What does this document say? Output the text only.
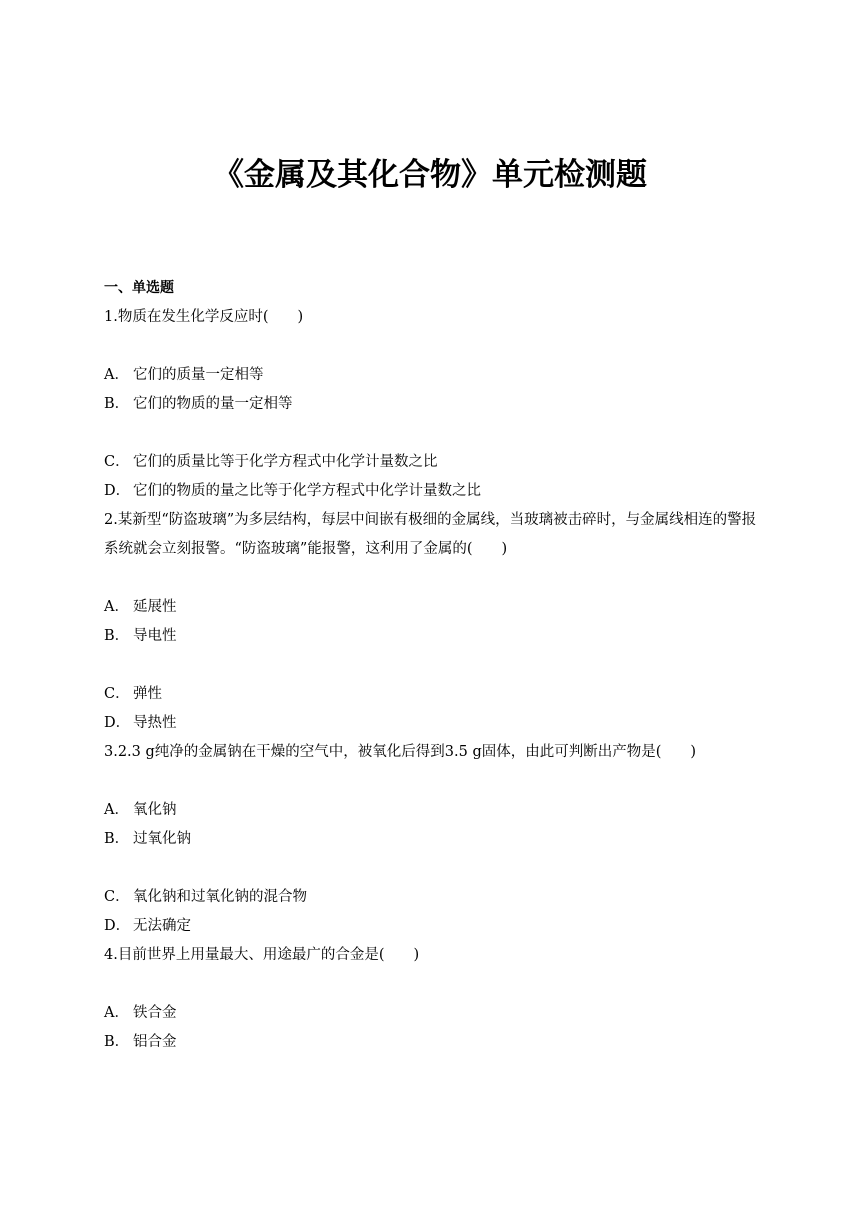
《金属及其化合物》单元检测题

一、单选题

1.物质在发生化学反应时(　　)

A． 它们的质量一定相等

B． 它们的物质的量一定相等

C． 它们的质量比等于化学方程式中化学计量数之比

D． 它们的物质的量之比等于化学方程式中化学计量数之比

2.某新型“防盗玻璃”为多层结构，每层中间嵌有极细的金属线，当玻璃被击碎时，与金属线相连的警报系统就会立刻报警。“防盗玻璃”能报警，这利用了金属的(　　)

A． 延展性

B． 导电性

C． 弹性

D． 导热性

3.2.3 g纯净的金属钠在干燥的空气中，被氧化后得到3.5 g固体，由此可判断出产物是(　　)

A． 氧化钠

B． 过氧化钠

C． 氧化钠和过氧化钠的混合物

D． 无法确定

4.目前世界上用量最大、用途最广的合金是(　　)

A． 铁合金

B． 铝合金
